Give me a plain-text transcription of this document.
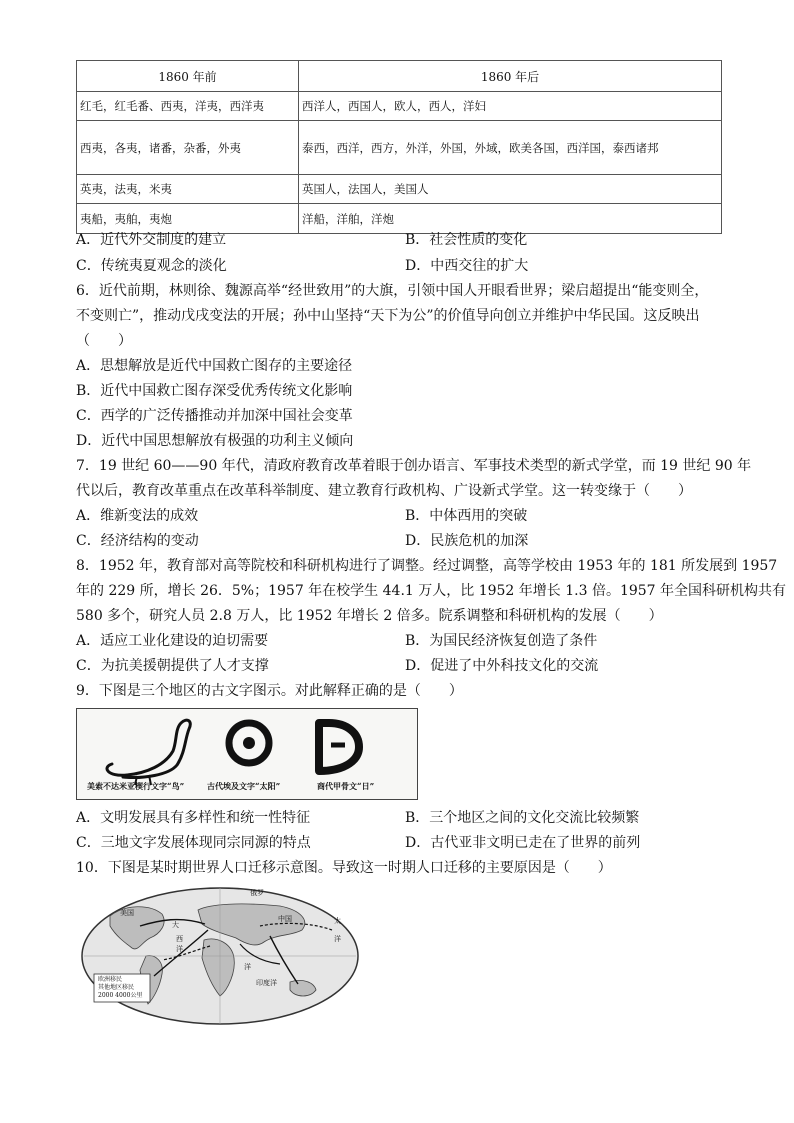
1860 年前	1860 年后
红毛，红毛番、西夷，洋夷，西洋夷	西洋人，西国人，欧人，西人，洋妇
西夷，各夷，诸番，杂番，外夷	泰西，西洋，西方，外洋，外国，外域，欧美各国，西洋国，泰西诸邦
英夷，法夷，米夷	英国人，法国人，美国人
夷船，夷舶，夷炮	洋船，洋舶，洋炮
A．近代外交制度的建立	B．社会性质的变化
C．传统夷夏观念的淡化	D．中西交往的扩大
6．近代前期，林则徐、魏源高举“经世致用”的大旗，引领中国人开眼看世界；梁启超提出“能变则全，
不变则亡”，推动戊戌变法的开展；孙中山坚持“天下为公”的价值导向创立并维护中华民国。这反映出
（　　）
A．思想解放是近代中国救亡图存的主要途径
B．近代中国救亡图存深受优秀传统文化影响
C．西学的广泛传播推动并加深中国社会变革
D．近代中国思想解放有极强的功利主义倾向
7．19 世纪 60——90 年代，清政府教育改革着眼于创办语言、军事技术类型的新式学堂，而 19 世纪 90 年
代以后，教育改革重点在改革科举制度、建立教育行政机构、广设新式学堂。这一转变缘于（　　）
A．维新变法的成效	B．中体西用的突破
C．经济结构的变动	D．民族危机的加深
8．1952 年，教育部对高等院校和科研机构进行了调整。经过调整，高等学校由 1953 年的 181 所发展到 1957
年的 229 所，增长 26．5%；1957 年在校学生 44.1 万人，比 1952 年增长 1.3 倍。1957 年全国科研机构共有
580 多个，研究人员 2.8 万人，比 1952 年增长 2 倍多。院系调整和科研机构的发展（　　）
A．适应工业化建设的迫切需要	B．为国民经济恢复创造了条件
C．为抗美援朝提供了人才支撑	D．促进了中外科技文化的交流
9．下图是三个地区的古文字图示。对此解释正确的是（　　）
美索不达米亚楔行文字“鸟”	古代埃及文字“太阳”	商代甲骨文“日”
A．文明发展具有多样性和统一性特征	B．三个地区之间的文化交流比较频繁
C．三地文字发展体现同宗同源的特点	D．古代亚非文明已走在了世界的前列
10．下图是某时期世界人口迁移示意图。导致这一时期人口迁移的主要原因是（　　）
俄罗
美国
大
中国	太
洋
西
洋
洋
印度洋
欧洲移民
其他地区移民
2000 4000公里
